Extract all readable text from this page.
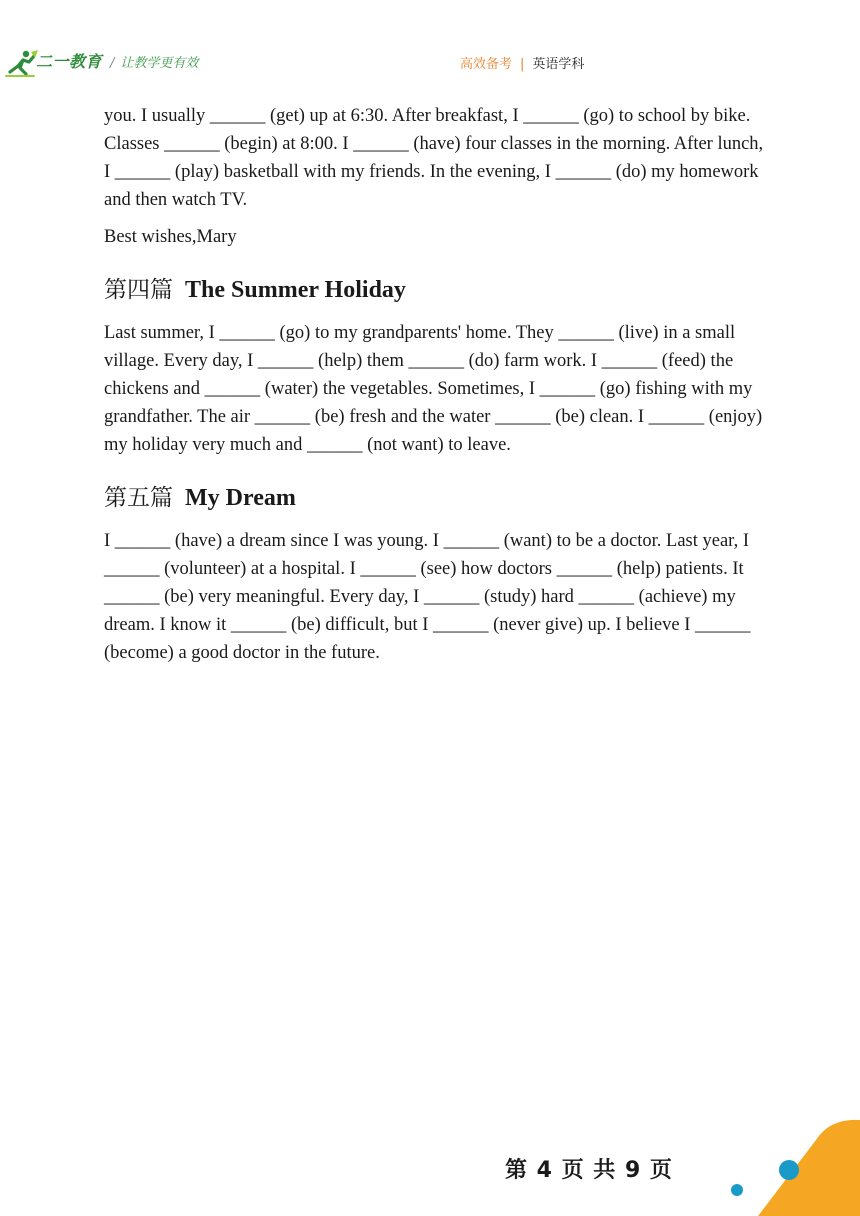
二一教育 / 让教学更有效	高效备考 | 英语学科

you. I usually ______ (get) up at 6:30. After breakfast, I ______ (go) to school by bike. Classes ______ (begin) at 8:00. I ______ (have) four classes in the morning. After lunch, I ______ (play) basketball with my friends. In the evening, I ______ (do) my homework and then watch TV.

Best wishes,Mary

第四篇 The Summer Holiday

Last summer, I ______ (go) to my grandparents' home. They ______ (live) in a small village. Every day, I ______ (help) them ______ (do) farm work. I ______ (feed) the chickens and ______ (water) the vegetables. Sometimes, I ______ (go) fishing with my grandfather. The air ______ (be) fresh and the water ______ (be) clean. I ______ (enjoy) my holiday very much and ______ (not want) to leave.

第五篇 My Dream

I ______ (have) a dream since I was young. I ______ (want) to be a doctor. Last year, I ______ (volunteer) at a hospital. I ______ (see) how doctors ______ (help) patients. It ______ (be) very meaningful. Every day, I ______ (study) hard ______ (achieve) my dream. I know it ______ (be) difficult, but I ______ (never give) up. I believe I ______ (become) a good doctor in the future.

第 4 页 共 9 页
